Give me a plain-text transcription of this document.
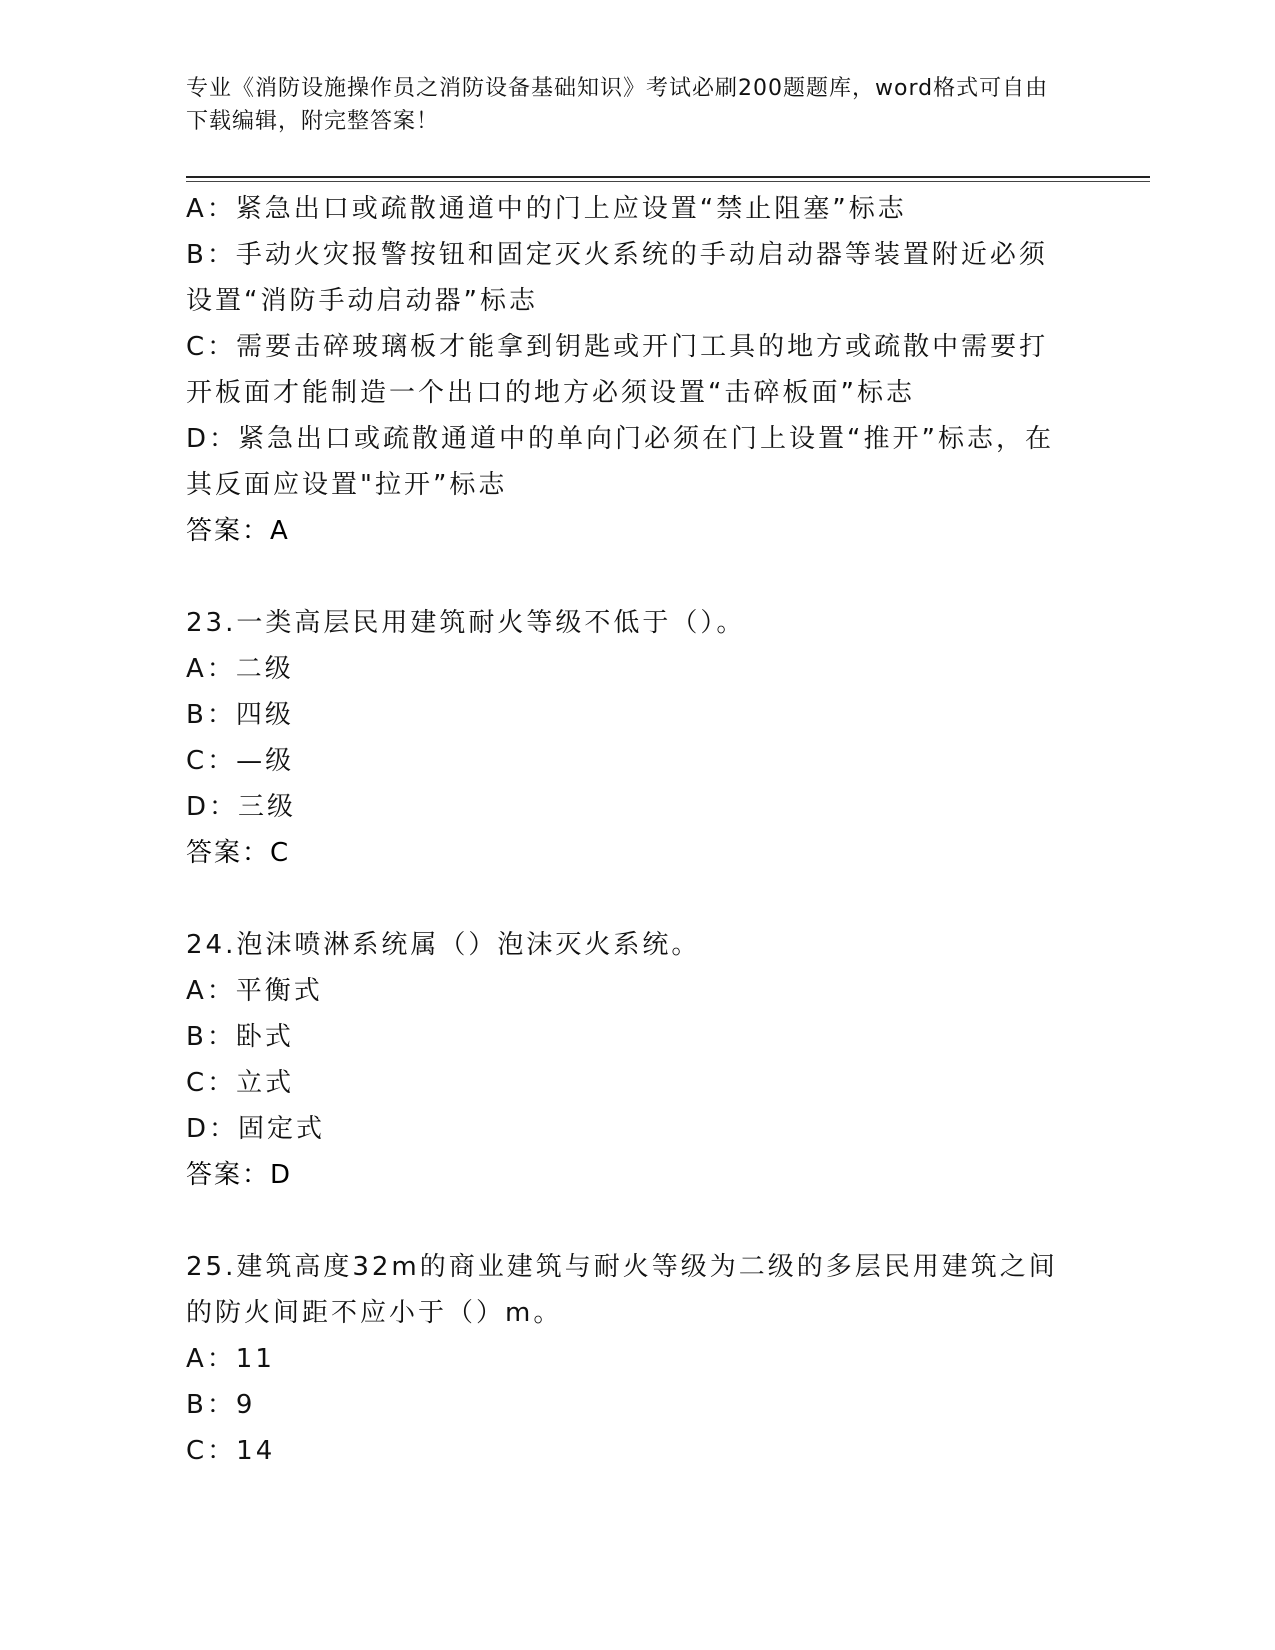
专业《消防设施操作员之消防设备基础知识》考试必刷200题题库，word格式可自由下载编辑，附完整答案！
A：紧急出口或疏散通道中的门上应设置“禁止阻塞”标志
B：手动火灾报警按钮和固定灭火系统的手动启动器等装置附近必须设置“消防手动启动器”标志
C：需要击碎玻璃板才能拿到钥匙或开门工具的地方或疏散中需要打开板面才能制造一个出口的地方必须设置“击碎板面”标志
D：紧急出口或疏散通道中的单向门必须在门上设置“推开”标志，在其反面应设置"拉开”标志
答案：A
23.一类高层民用建筑耐火等级不低于（）。
A：二级
B：四级
C：—级
D：三级
答案：C
24.泡沫喷淋系统属（）泡沫灭火系统。
A：平衡式
B：卧式
C：立式
D：固定式
答案：D
25.建筑高度32m的商业建筑与耐火等级为二级的多层民用建筑之间的防火间距不应小于（）m。
A：11
B：9
C：14
